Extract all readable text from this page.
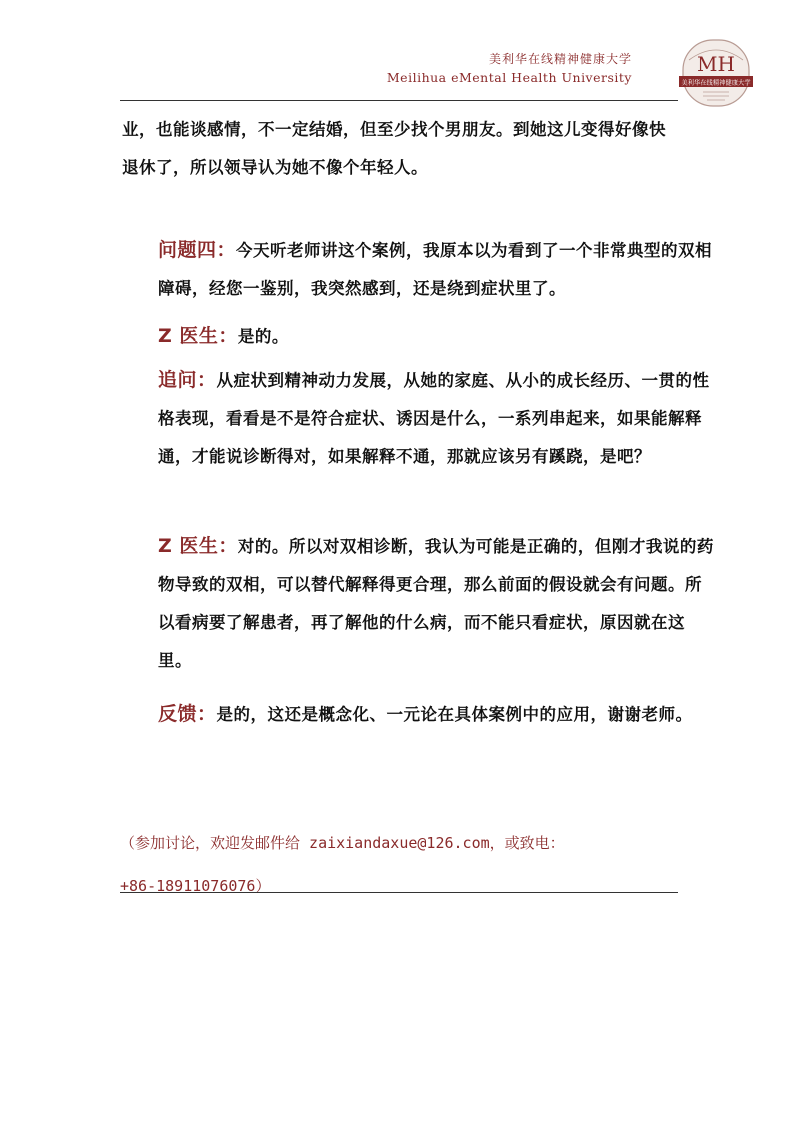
美利华在线精神健康大学
Meilihua eMental Health University
MH
美利华在线精神健康大学
业，也能谈感情，不一定结婚，但至少找个男朋友。到她这儿变得好像快退休了，所以领导认为她不像个年轻人。
问题四：今天听老师讲这个案例，我原本以为看到了一个非常典型的双相障碍，经您一鉴别，我突然感到，还是绕到症状里了。
Z 医生：是的。
追问：从症状到精神动力发展，从她的家庭、从小的成长经历、一贯的性格表现，看看是不是符合症状、诱因是什么，一系列串起来，如果能解释通，才能说诊断得对，如果解释不通，那就应该另有蹊跷，是吧？
Z 医生：对的。所以对双相诊断，我认为可能是正确的，但刚才我说的药物导致的双相，可以替代解释得更合理，那么前面的假设就会有问题。所以看病要了解患者，再了解他的什么病，而不能只看症状，原因就在这里。
反馈：是的，这还是概念化、一元论在具体案例中的应用，谢谢老师。
（参加讨论，欢迎发邮件给 zaixiandaxue@126.com，或致电：
+86-18911076076）
